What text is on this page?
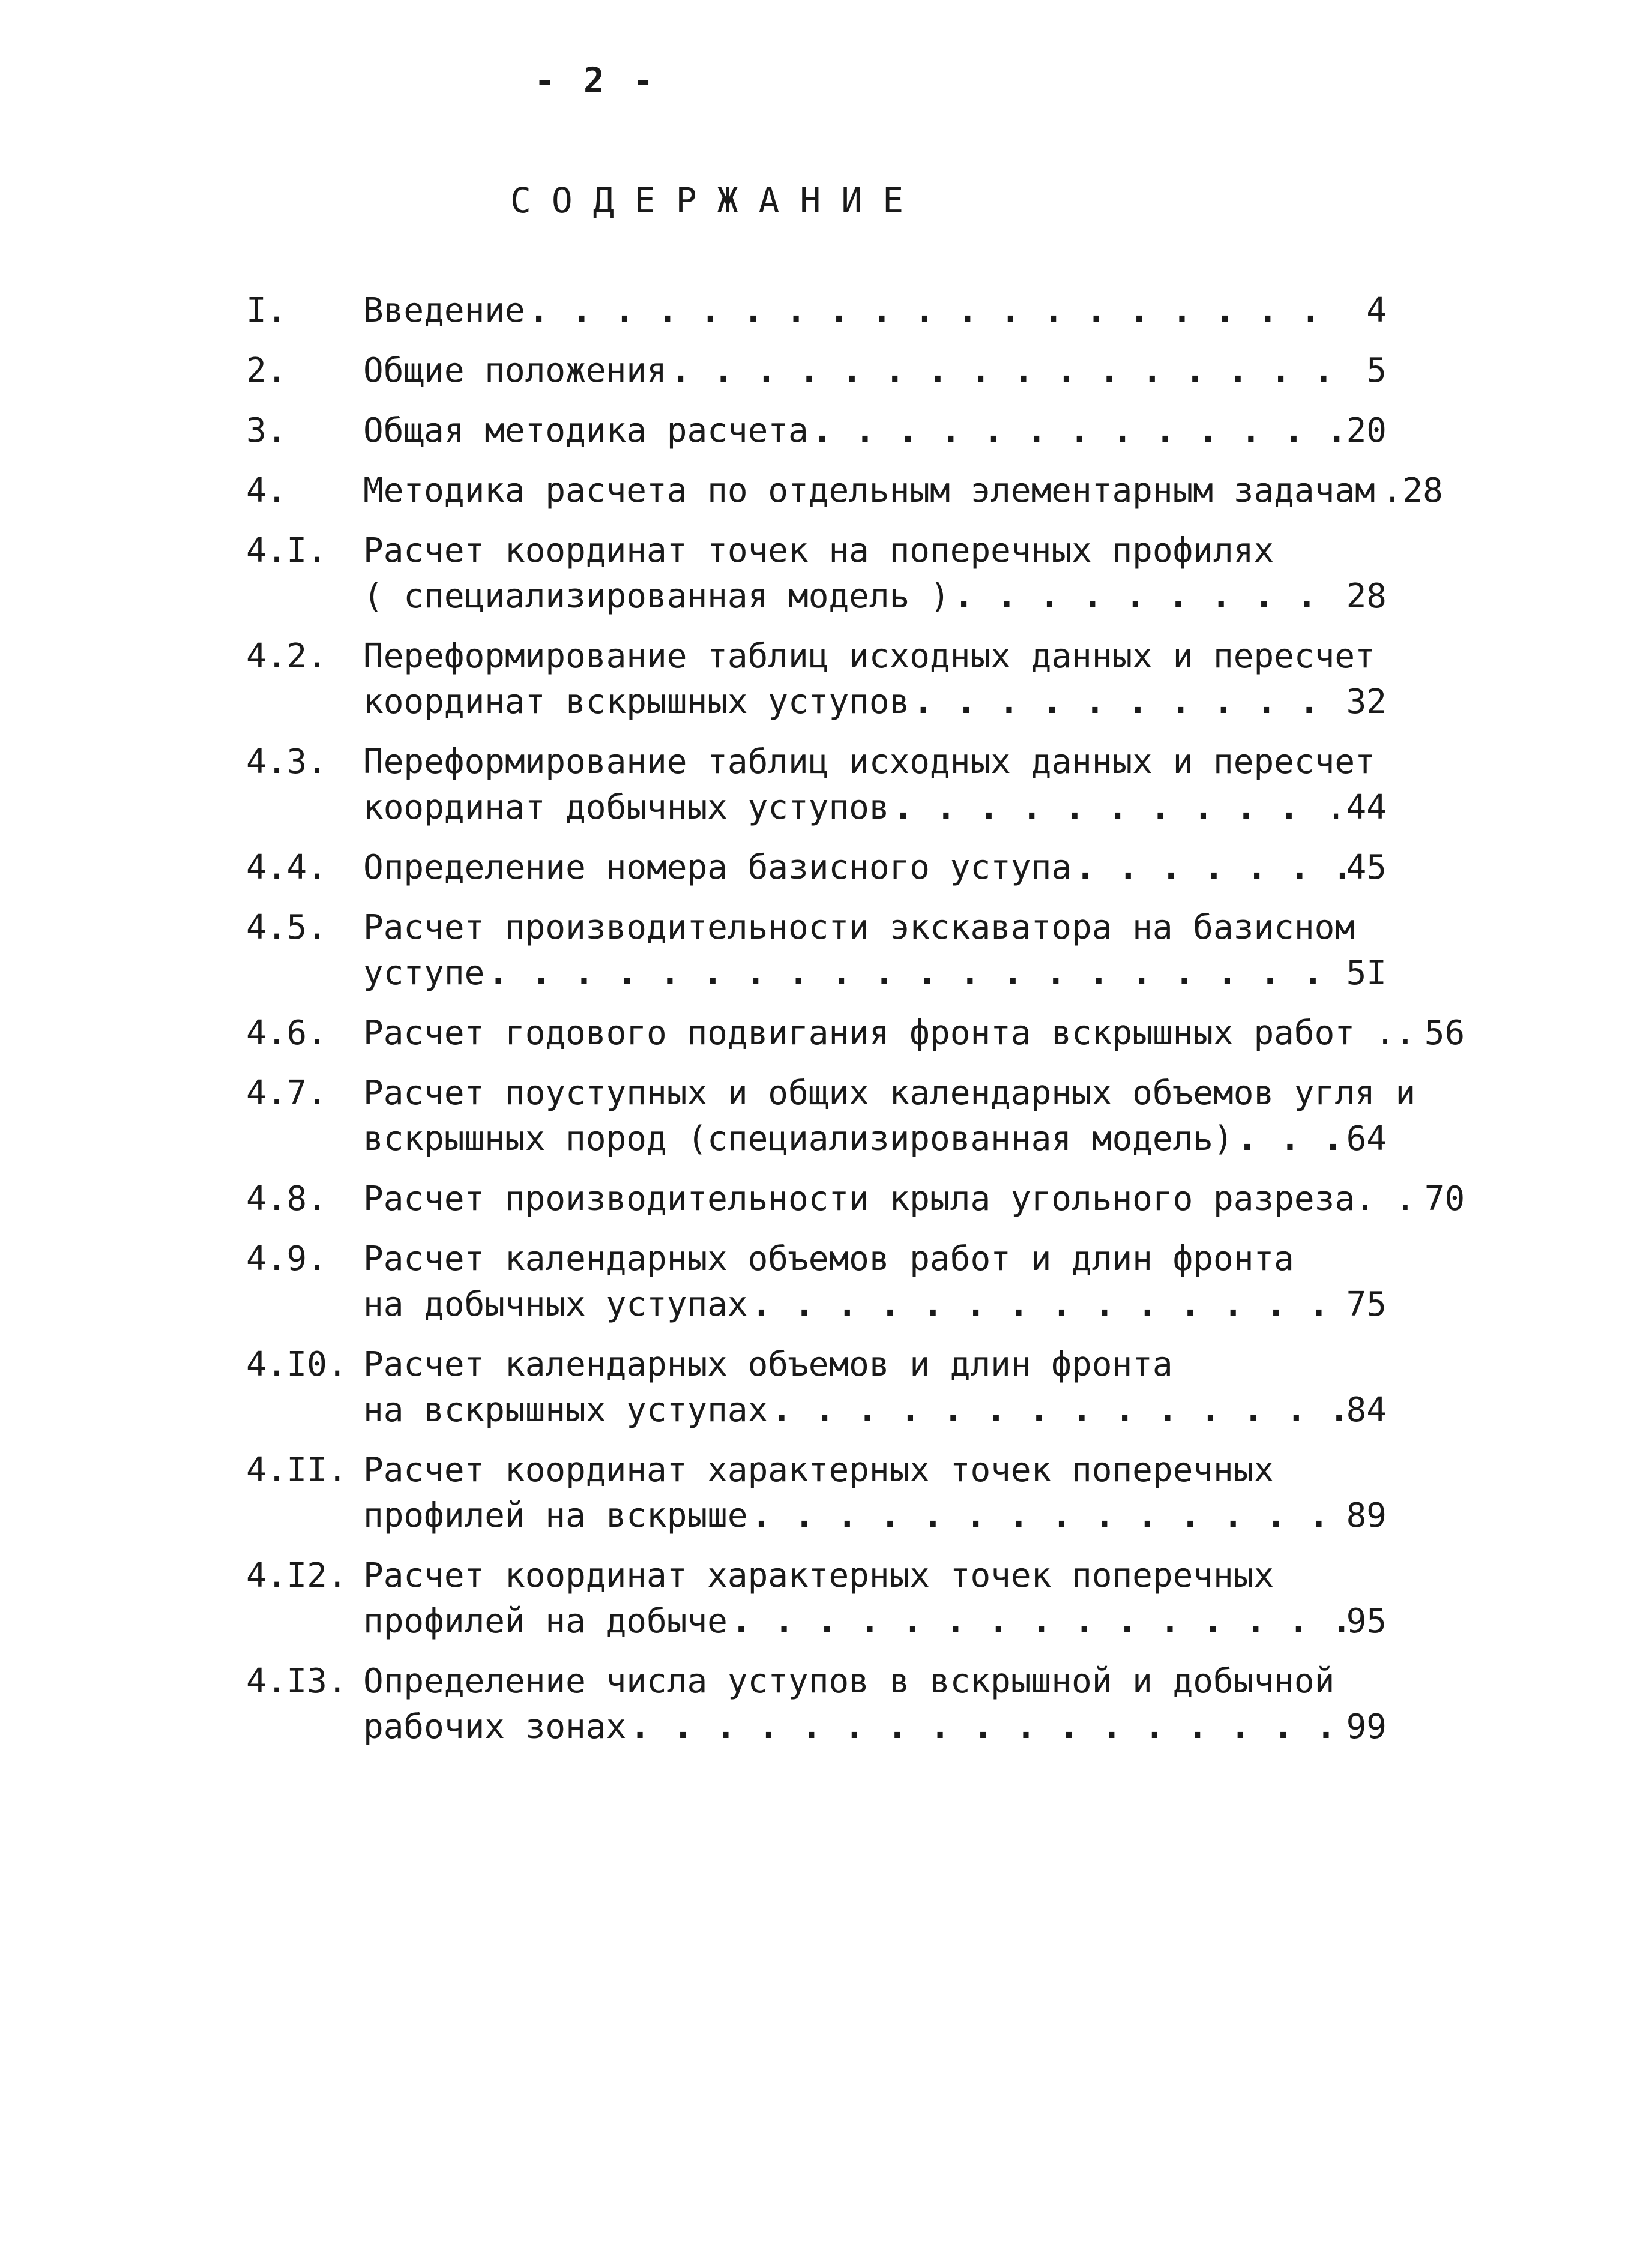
- 2 -
СОДЕРЖАНИЕ
I. Введение . . .	4
2. Общие положения . . .	5
3. Общая методика расчета . . .	20
4. Методика расчета по отдельным элементарным задачам . . . .28
4.I. Расчет координат точек на поперечных профилях
( специализированная модель ) . . .	28
4.2. Переформирование таблиц исходных данных и пересчет
координат вскрышных уступов . . .	32
4.3. Переформирование таблиц исходных данных и пересчет
координат добычных уступов . . .	.44
4.4. Определение номера базисного уступа . . .	45
4.5. Расчет производительности экскаватора на базисном
уступе . . .	5I
4.6. Расчет годового подвигания фронта вскрышных работ .. . . . 56
4.7. Расчет поуступных и общих календарных объемов угля и
вскрышных пород (специализированная модель) . . .	64
4.8. Расчет производительности крыла угольного разреза. . . . . 70
4.9. Расчет календарных объемов работ и длин фронта
на добычных уступах . . .	75
4.I0. Расчет календарных объемов и длин фронта
на вскрышных уступах . . .	84
4.II. Расчет координат характерных точек поперечных
профилей на вскрыше . . .	89
4.I2. Расчет координат характерных точек поперечных
профилей на добыче . . .	95
4.I3. Определение числа уступов в вскрышной и добычной
рабочих зонах . . .	99
